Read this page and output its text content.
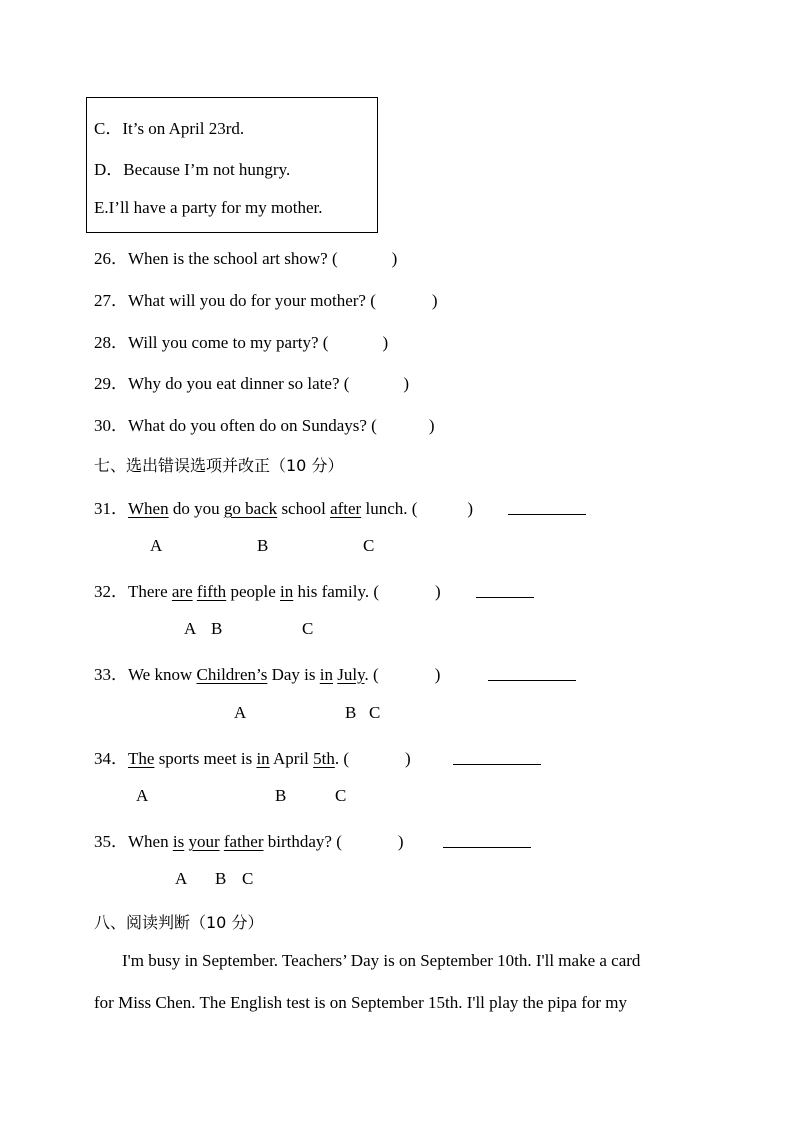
C．It’s on April 23rd.
D．Because I’m not hungry.
E.I’ll have a party for my mother.
26．When is the school art show? (	)
27．What will you do for your mother? (	)
28．Will you come to my party? (	)
29．Why do you eat dinner so late? (	)
30．What do you often do on Sundays? (	)
七、选出错误选项并改正（10 分）
31．When do you go back school after lunch. (	)
A	B	C
32．There are fifth people in his family. (	)
A B	C
33．We know Children’s Day is in July. (	)
A	B C
34．The sports meet is in April 5th. (	)
A	B	C
35．When is your father birthday? (	)
A B C
八、阅读判断（10 分）
I'm busy in September. Teachers’ Day is on September 10th. I'll make a card
for Miss Chen. The English test is on September 15th. I'll play the pipa for my
